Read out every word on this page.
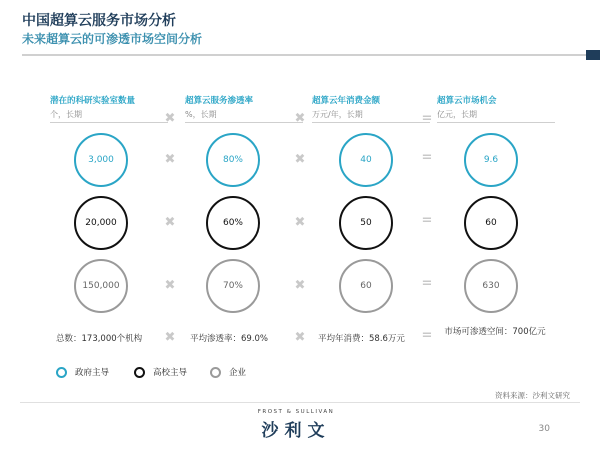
中国超算云服务市场分析
未来超算云的可渗透市场空间分析
潜在的科研实验室数量
个，长期
超算云服务渗透率
%，长期
超算云年消费金额
万元/年，长期
超算云市场机会
亿元，长期
✖	✖	=
3,000	✖	80%	✖	40	=	9.6
20,000	✖	60%	✖	50	=	60
150,000	✖	70%	✖	60	=	630
总数：173,000个机构 ✖ 平均渗透率：69.0% ✖ 平均年消费：58.6万元 =	市场可渗透空间：700亿元
政府主导	高校主导	企业
资料来源：沙利文研究
FROST & SULLIVAN
沙利文	30
